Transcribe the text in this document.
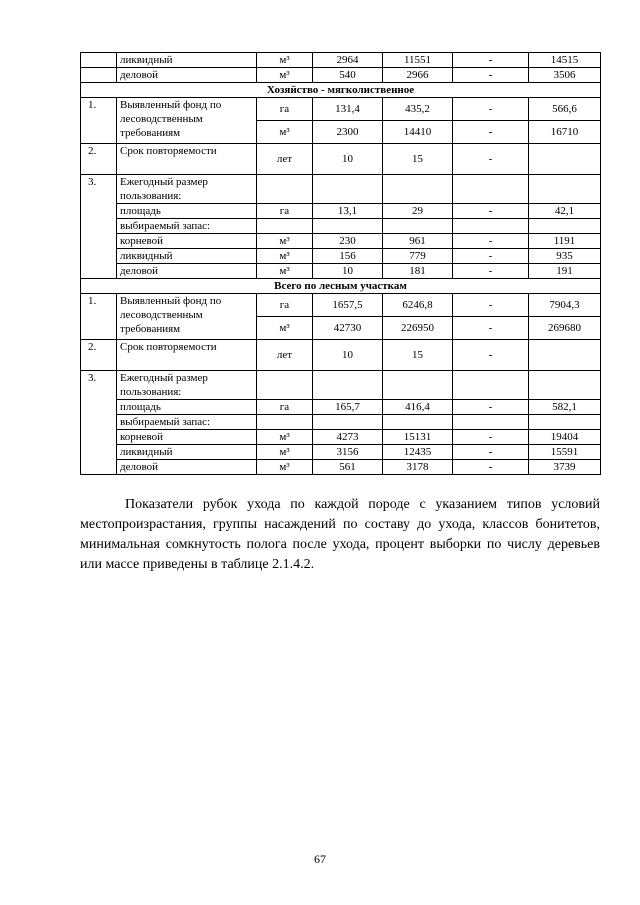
	ликвидный	м³	2964	11551	-	14515
	деловой	м³	540	2966	-	3506
Хозяйство - мягколиственное						
1.	Выявленный фонд по лесоводственным требованиям	га	131,4	435,2	-	566,6
		м³	2300	14410	-	16710
2.	Срок повторяемости	лет	10	15	-	
3.	Ежегодный размер пользования:					
	площадь	га	13,1	29	-	42,1
	выбираемый запас:					
	корневой	м³	230	961	-	1191
	ликвидный	м³	156	779	-	935
	деловой	м³	10	181	-	191
Всего по лесным участкам						
1.	Выявленный фонд по лесоводственным требованиям	га	1657,5	6246,8	-	7904,3
		м³	42730	226950	-	269680
2.	Срок повторяемости	лет	10	15	-	
3.	Ежегодный размер пользования:					
	площадь	га	165,7	416,4	-	582,1
	выбираемый запас:					
	корневой	м³	4273	15131	-	19404
	ликвидный	м³	3156	12435	-	15591
	деловой	м³	561	3178	-	3739

Показатели рубок ухода по каждой породе с указанием типов условий местопроизрастания, группы насаждений по составу до ухода, классов бонитетов, минимальная сомкнутость полога после ухода, процент выборки по числу деревьев или массе приведены в таблице 2.1.4.2.

67
